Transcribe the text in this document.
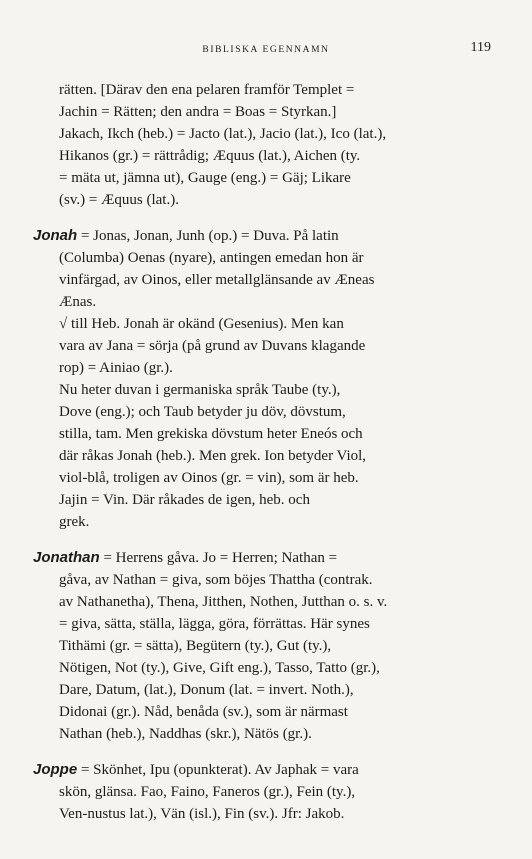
BIBLISKA EGENNAMN	119
rätten. [Därav den ena pelaren framför Templet =
Jachin = Rätten; den andra = Boas = Styrkan.]
Jakach, Ikch (heb.) = Jacto (lat.), Jacio (lat.), Ico (lat.),
Hikanos (gr.) = rättrådig; Æquus (lat.), Aichen (ty.
= mäta ut, jämna ut), Gauge (eng.) = Gäj; Likare
(sv.) = Æquus (lat.).
Jonah = Jonas, Jonan, Junh (op.) = Duva. På latin
(Columba) Oenas (nyare), antingen emedan hon är
vinfärgad, av Oinos, eller metallglänsande av Æneas
Ænas.
√ till Heb. Jonah är okänd (Gesenius). Men kan
vara av Jana = sörja (på grund av Duvans klagande
rop) = Ainiao (gr.).
Nu heter duvan i germaniska språk Taube (ty.),
Dove (eng.); och Taub betyder ju döv, dövstum,
stilla, tam. Men grekiska dövstum heter Eneós och
där råkas Jonah (heb.). Men grek. Ion betyder Viol,
viol-blå, troligen av Oinos (gr. = vin), som är heb.
Jajin = Vin. Där råkades de igen, heb. och
grek.
Jonathan = Herrens gåva. Jo = Herren; Nathan =
gåva, av Nathan = giva, som böjes Thattha (contrak.
av Nathanetha), Thena, Jitthen, Nothen, Jutthan o. s. v.
= giva, sätta, ställa, lägga, göra, förrättas. Här synes
Tithämi (gr. = sätta), Begütern (ty.), Gut (ty.),
Nötigen, Not (ty.), Give, Gift eng.), Tasso, Tatto (gr.),
Dare, Datum, (lat.), Donum (lat. = invert. Noth.),
Didonai (gr.). Nåd, benåda (sv.), som är närmast
Nathan (heb.), Naddhas (skr.), Nätös (gr.).
Joppe = Skönhet, Ipu (opunkterat). Av Japhak = vara
skön, glänsa. Fao, Faino, Faneros (gr.), Fein (ty.),
Ven-nustus lat.), Vän (isl.), Fin (sv.). Jfr: Jakob.
